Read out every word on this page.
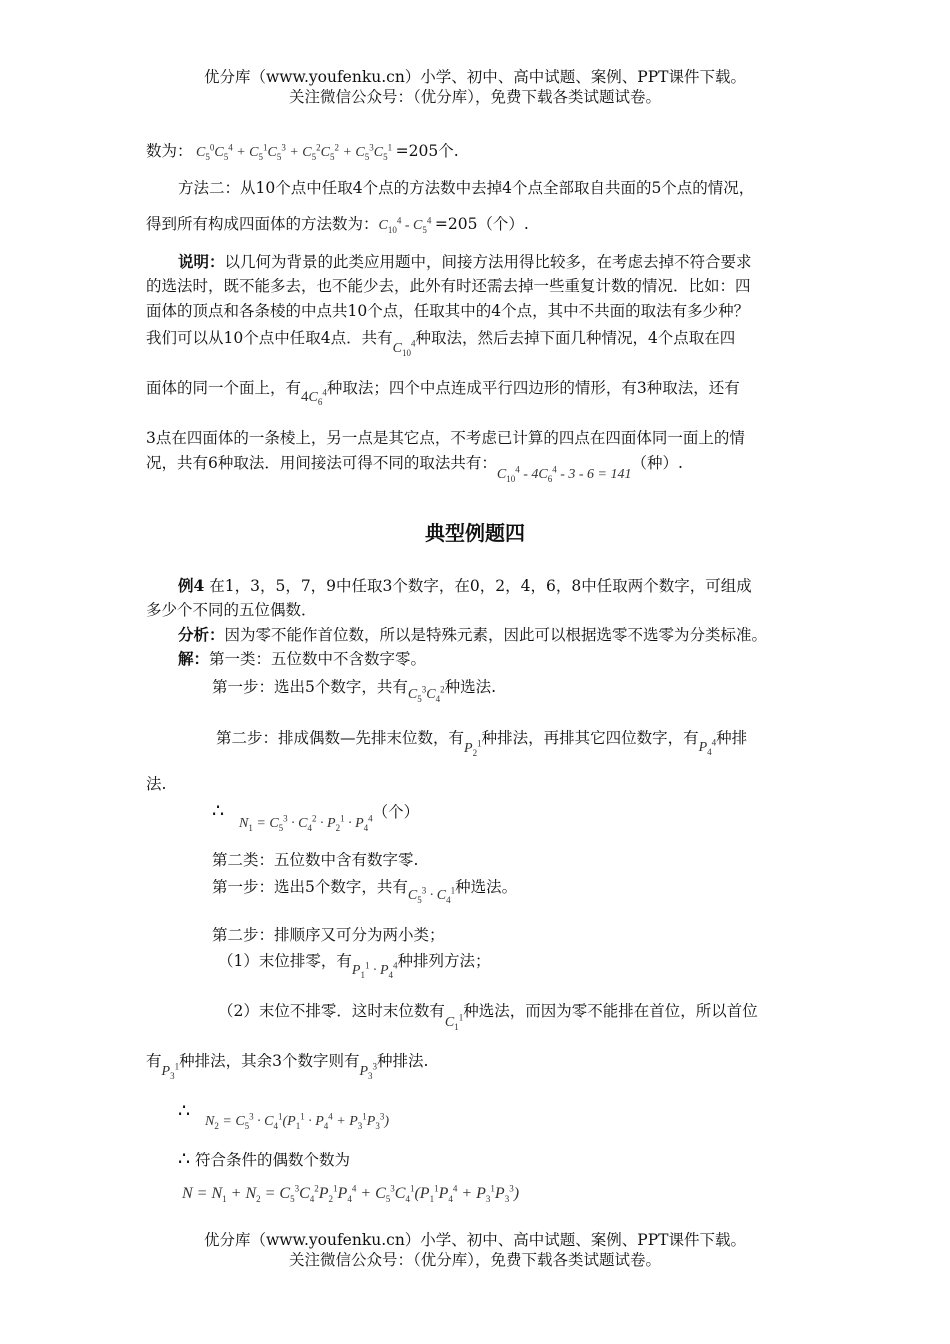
优分库（www.youfenku.cn）小学、初中、高中试题、案例、PPT课件下载。
关注微信公众号：（优分库），免费下载各类试题试卷。
数为： $C_5^0C_5^4 + C_5^1C_5^3 + C_5^2C_5^2 + C_5^3C_5^1 =205$个.
方法二：从10个点中任取4个点的方法数中去掉4个点全部取自共面的5个点的情况，
得到所有构成四面体的方法数为：$C_{10}^4 - C_5^4 =205$（个）.
说明：以几何为背景的此类应用题中，间接方法用得比较多，在考虑去掉不符合要求
的选法时，既不能多去，也不能少去，此外有时还需去掉一些重复计数的情况．比如：四
面体的顶点和各条棱的中点共10个点，任取其中的4个点，其中不共面的取法有多少种？
我们可以从10个点中任取4点．共有$C_{10}^4$种取法，然后去掉下面几种情况，4个点取在四
面体的同一个面上，有$4C_6^4$种取法；四个中点连成平行四边形的情形，有3种取法，还有
3点在四面体的一条棱上，另一点是其它点，不考虑已计算的四点在四面体同一面上的情
况，共有6种取法．用间接法可得不同的取法共有：$C_{10}^4 - 4C_6^4 - 3 - 6 = 141$（种）.
典型例题四
例4 在1，3，5，7，9中任取3个数字，在0，2，4，6，8中任取两个数字，可组成
多少个不同的五位偶数．
分析：因为零不能作首位数，所以是特殊元素，因此可以根据选零不选零为分类标准。
解：第一类：五位数中不含数字零。
第一步：选出5个数字，共有$C_5^3C_4^2$种选法.
第二步：排成偶数—先排末位数，有$P_2^1$种排法，再排其它四位数字，有$P_4^4$种排
法.
∴ $N_1 = C_5^3 \cdot C_4^2 \cdot P_2^1 \cdot P_4^4$（个）
第二类：五位数中含有数字零.
第一步：选出5个数字，共有$C_5^3 \cdot C_4^1$种选法。
第二步：排顺序又可分为两小类；
（1）末位排零，有$P_1^1 \cdot P_4^4$种排列方法；
（2）末位不排零．这时末位数有$C_1^1$种选法，而因为零不能排在首位，所以首位
有$P_3^1$种排法，其余3个数字则有$P_3^3$种排法.
∴ $N_2 = C_5^3 \cdot C_4^1(P_1^1 \cdot P_4^4 + P_3^1P_3^3)$
∴ 符合条件的偶数个数为
$N = N_1 + N_2 = C_5^3C_4^2P_2^1P_4^4 + C_5^3C_4^1(P_1^1P_4^4 + P_3^1P_3^3)$
优分库（www.youfenku.cn）小学、初中、高中试题、案例、PPT课件下载。
关注微信公众号：（优分库），免费下载各类试题试卷。
